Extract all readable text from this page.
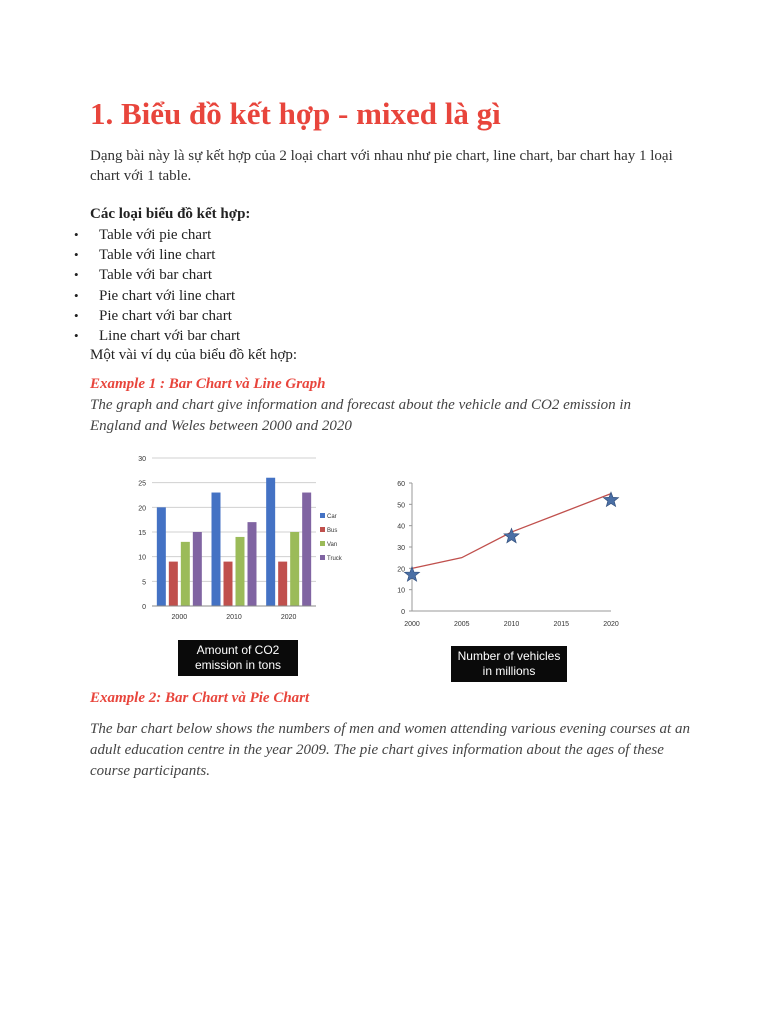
1. Biểu đồ kết hợp - mixed là gì

Dạng bài này là sự kết hợp của 2 loại chart với nhau như pie chart, line chart, bar chart hay 1 loại chart với 1 table.

Các loại biểu đồ kết hợp:
• Table với pie chart
• Table với line chart
• Table với bar chart
• Pie chart với line chart
• Pie chart với bar chart
• Line chart với bar chart
Một vài ví dụ của biểu đồ kết hợp:
Example 1 : Bar Chart và Line Graph
The graph and chart give information and forecast about the vehicle and CO2 emission in England and Weles between 2000 and 2020
0
5
10
15
20
25
30
2000	2010	2020
Car
Bus
Van
Truck
0
10
20
30
40
50
60
2000	2005	2010	2015	2020
Amount of CO2 emission in tons
Number of vehicles in millions
Example 2: Bar Chart và Pie Chart
The bar chart below shows the numbers of men and women attending various evening courses at an adult education centre in the year 2009. The pie chart gives information about the ages of these course participants.
